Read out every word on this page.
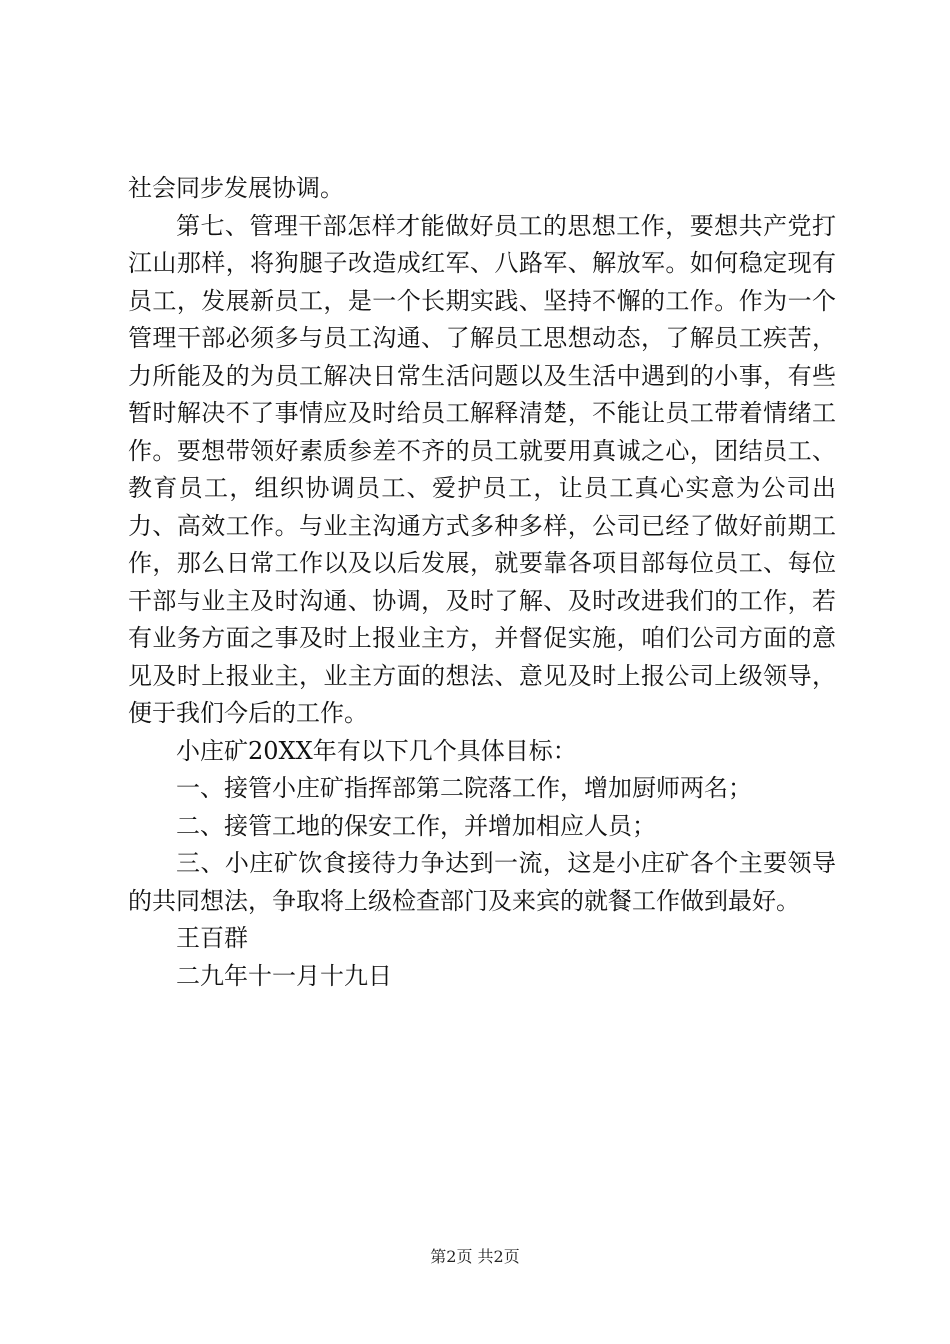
社会同步发展协调。

第七、管理干部怎样才能做好员工的思想工作，要想共产党打江山那样，将狗腿子改造成红军、八路军、解放军。如何稳定现有员工，发展新员工，是一个长期实践、坚持不懈的工作。作为一个管理干部必须多与员工沟通、了解员工思想动态，了解员工疾苦，力所能及的为员工解决日常生活问题以及生活中遇到的小事，有些暂时解决不了事情应及时给员工解释清楚，不能让员工带着情绪工作。要想带领好素质参差不齐的员工就要用真诚之心，团结员工、教育员工，组织协调员工、爱护员工，让员工真心实意为公司出力、高效工作。与业主沟通方式多种多样，公司已经了做好前期工作，那么日常工作以及以后发展，就要靠各项目部每位员工、每位干部与业主及时沟通、协调，及时了解、及时改进我们的工作，若有业务方面之事及时上报业主方，并督促实施，咱们公司方面的意见及时上报业主，业主方面的想法、意见及时上报公司上级领导，便于我们今后的工作。

小庄矿20XX年有以下几个具体目标：

一、接管小庄矿指挥部第二院落工作，增加厨师两名；

二、接管工地的保安工作，并增加相应人员；

三、小庄矿饮食接待力争达到一流，这是小庄矿各个主要领导的共同想法，争取将上级检查部门及来宾的就餐工作做到最好。

王百群

二九年十一月十九日

第2页 共2页
